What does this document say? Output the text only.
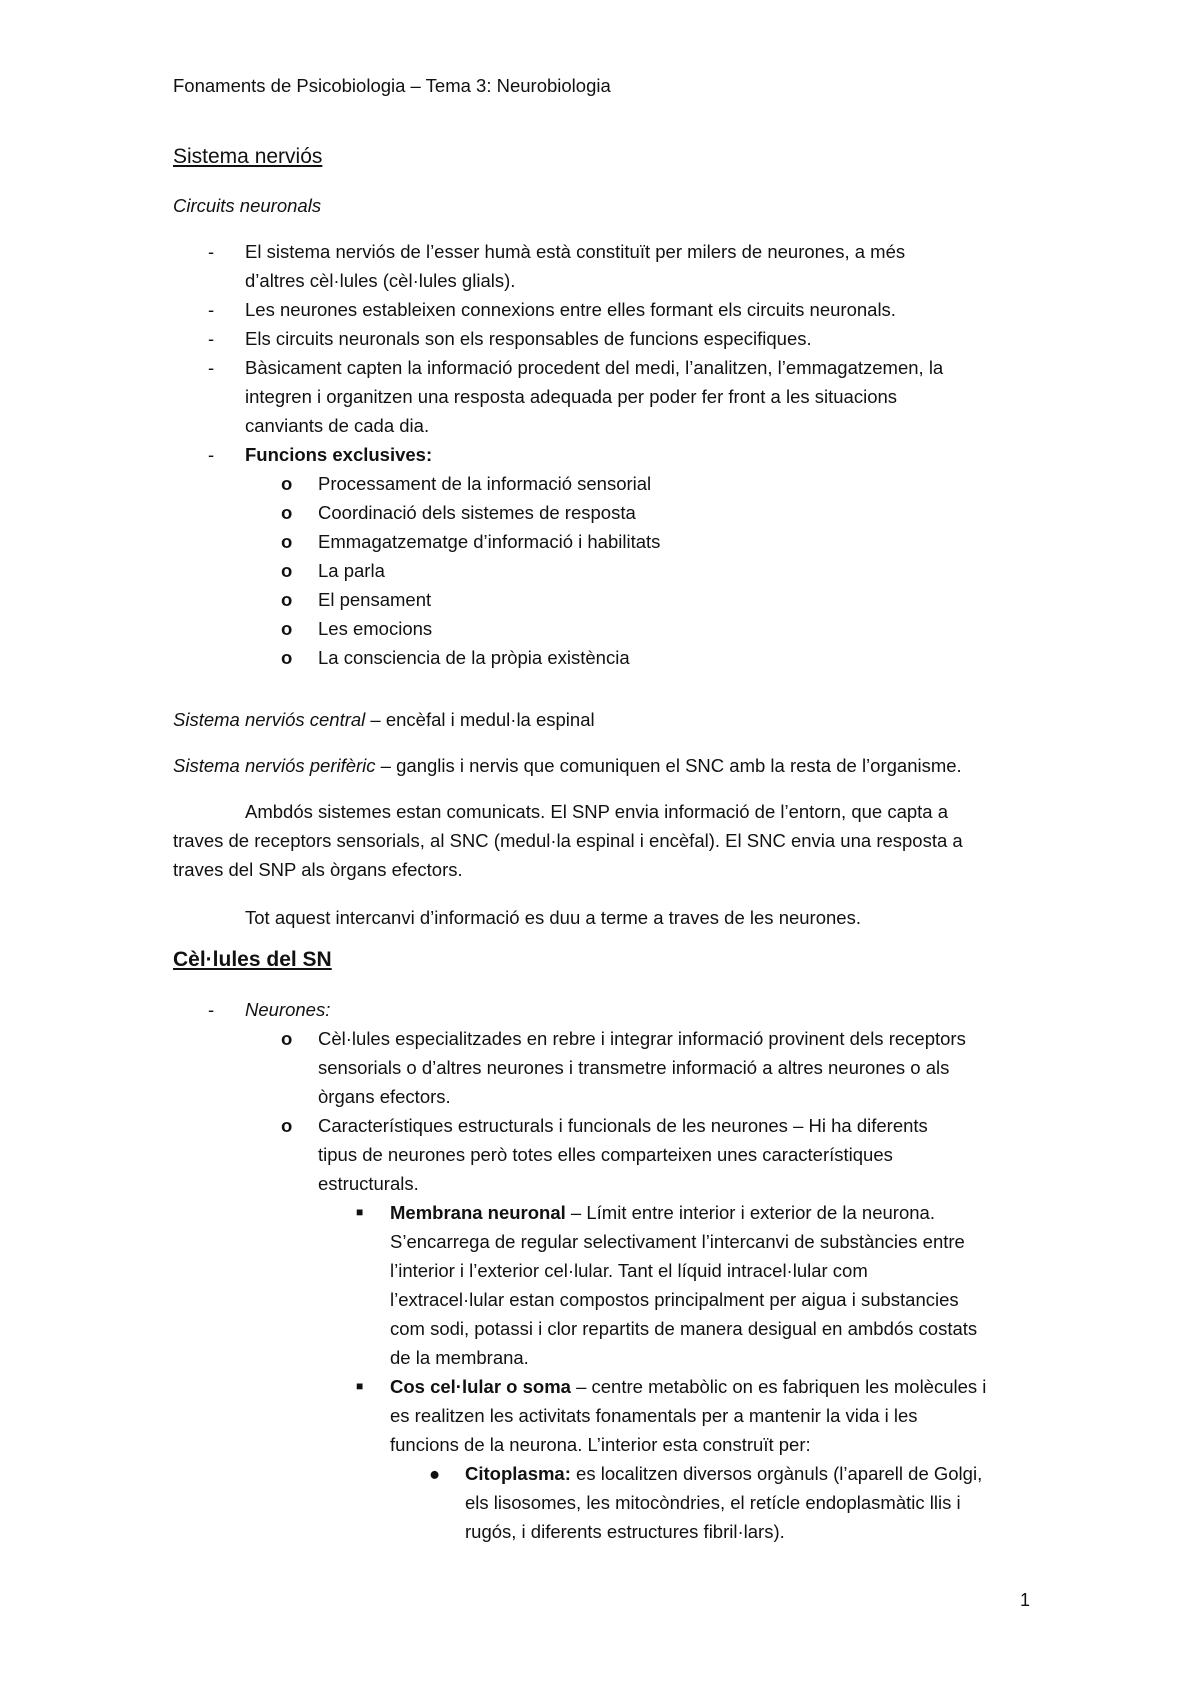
Fonaments de Psicobiologia – Tema 3: Neurobiologia
Sistema nerviós
Circuits neuronals
- El sistema nerviós de l’esser humà està constituït per milers de neurones, a més
d’altres cèl·lules (cèl·lules glials).
- Les neurones estableixen connexions entre elles formant els circuits neuronals.
- Els circuits neuronals son els responsables de funcions especifiques.
- Bàsicament capten la informació procedent del medi, l’analitzen, l’emmagatzemen, la
integren i organitzen una resposta adequada per poder fer front a les situacions
canviants de cada dia.
- Funcions exclusives:
o Processament de la informació sensorial
o Coordinació dels sistemes de resposta
o Emmagatzematge d’informació i habilitats
o La parla
o El pensament
o Les emocions
o La consciencia de la pròpia existència
Sistema nerviós central – encèfal i medul·la espinal
Sistema nerviós perifèric – ganglis i nervis que comuniquen el SNC amb la resta de l’organisme.
Ambdós sistemes estan comunicats. El SNP envia informació de l’entorn, que capta a
traves de receptors sensorials, al SNC (medul·la espinal i encèfal). El SNC envia una resposta a
traves del SNP als òrgans efectors.
Tot aquest intercanvi d’informació es duu a terme a traves de les neurones.
Cèl·lules del SN
- Neurones:
o Cèl·lules especialitzades en rebre i integrar informació provinent dels receptors
sensorials o d’altres neurones i transmetre informació a altres neurones o als
òrgans efectors.
o Característiques estructurals i funcionals de les neurones – Hi ha diferents
tipus de neurones però totes elles comparteixen unes característiques
estructurals.
■ Membrana neuronal – Límit entre interior i exterior de la neurona.
S’encarrega de regular selectivament l’intercanvi de substàncies entre
l’interior i l’exterior cel·lular. Tant el líquid intracel·lular com
l’extracel·lular estan compostos principalment per aigua i substancies
com sodi, potassi i clor repartits de manera desigual en ambdós costats
de la membrana.
■ Cos cel·lular o soma – centre metabòlic on es fabriquen les molècules i
es realitzen les activitats fonamentals per a mantenir la vida i les
funcions de la neurona. L’interior esta construït per:
● Citoplasma: es localitzen diversos orgànuls (l’aparell de Golgi,
els lisosomes, les mitocòndries, el retícle endoplasmàtic llis i
rugós, i diferents estructures fibril·lars).
1
